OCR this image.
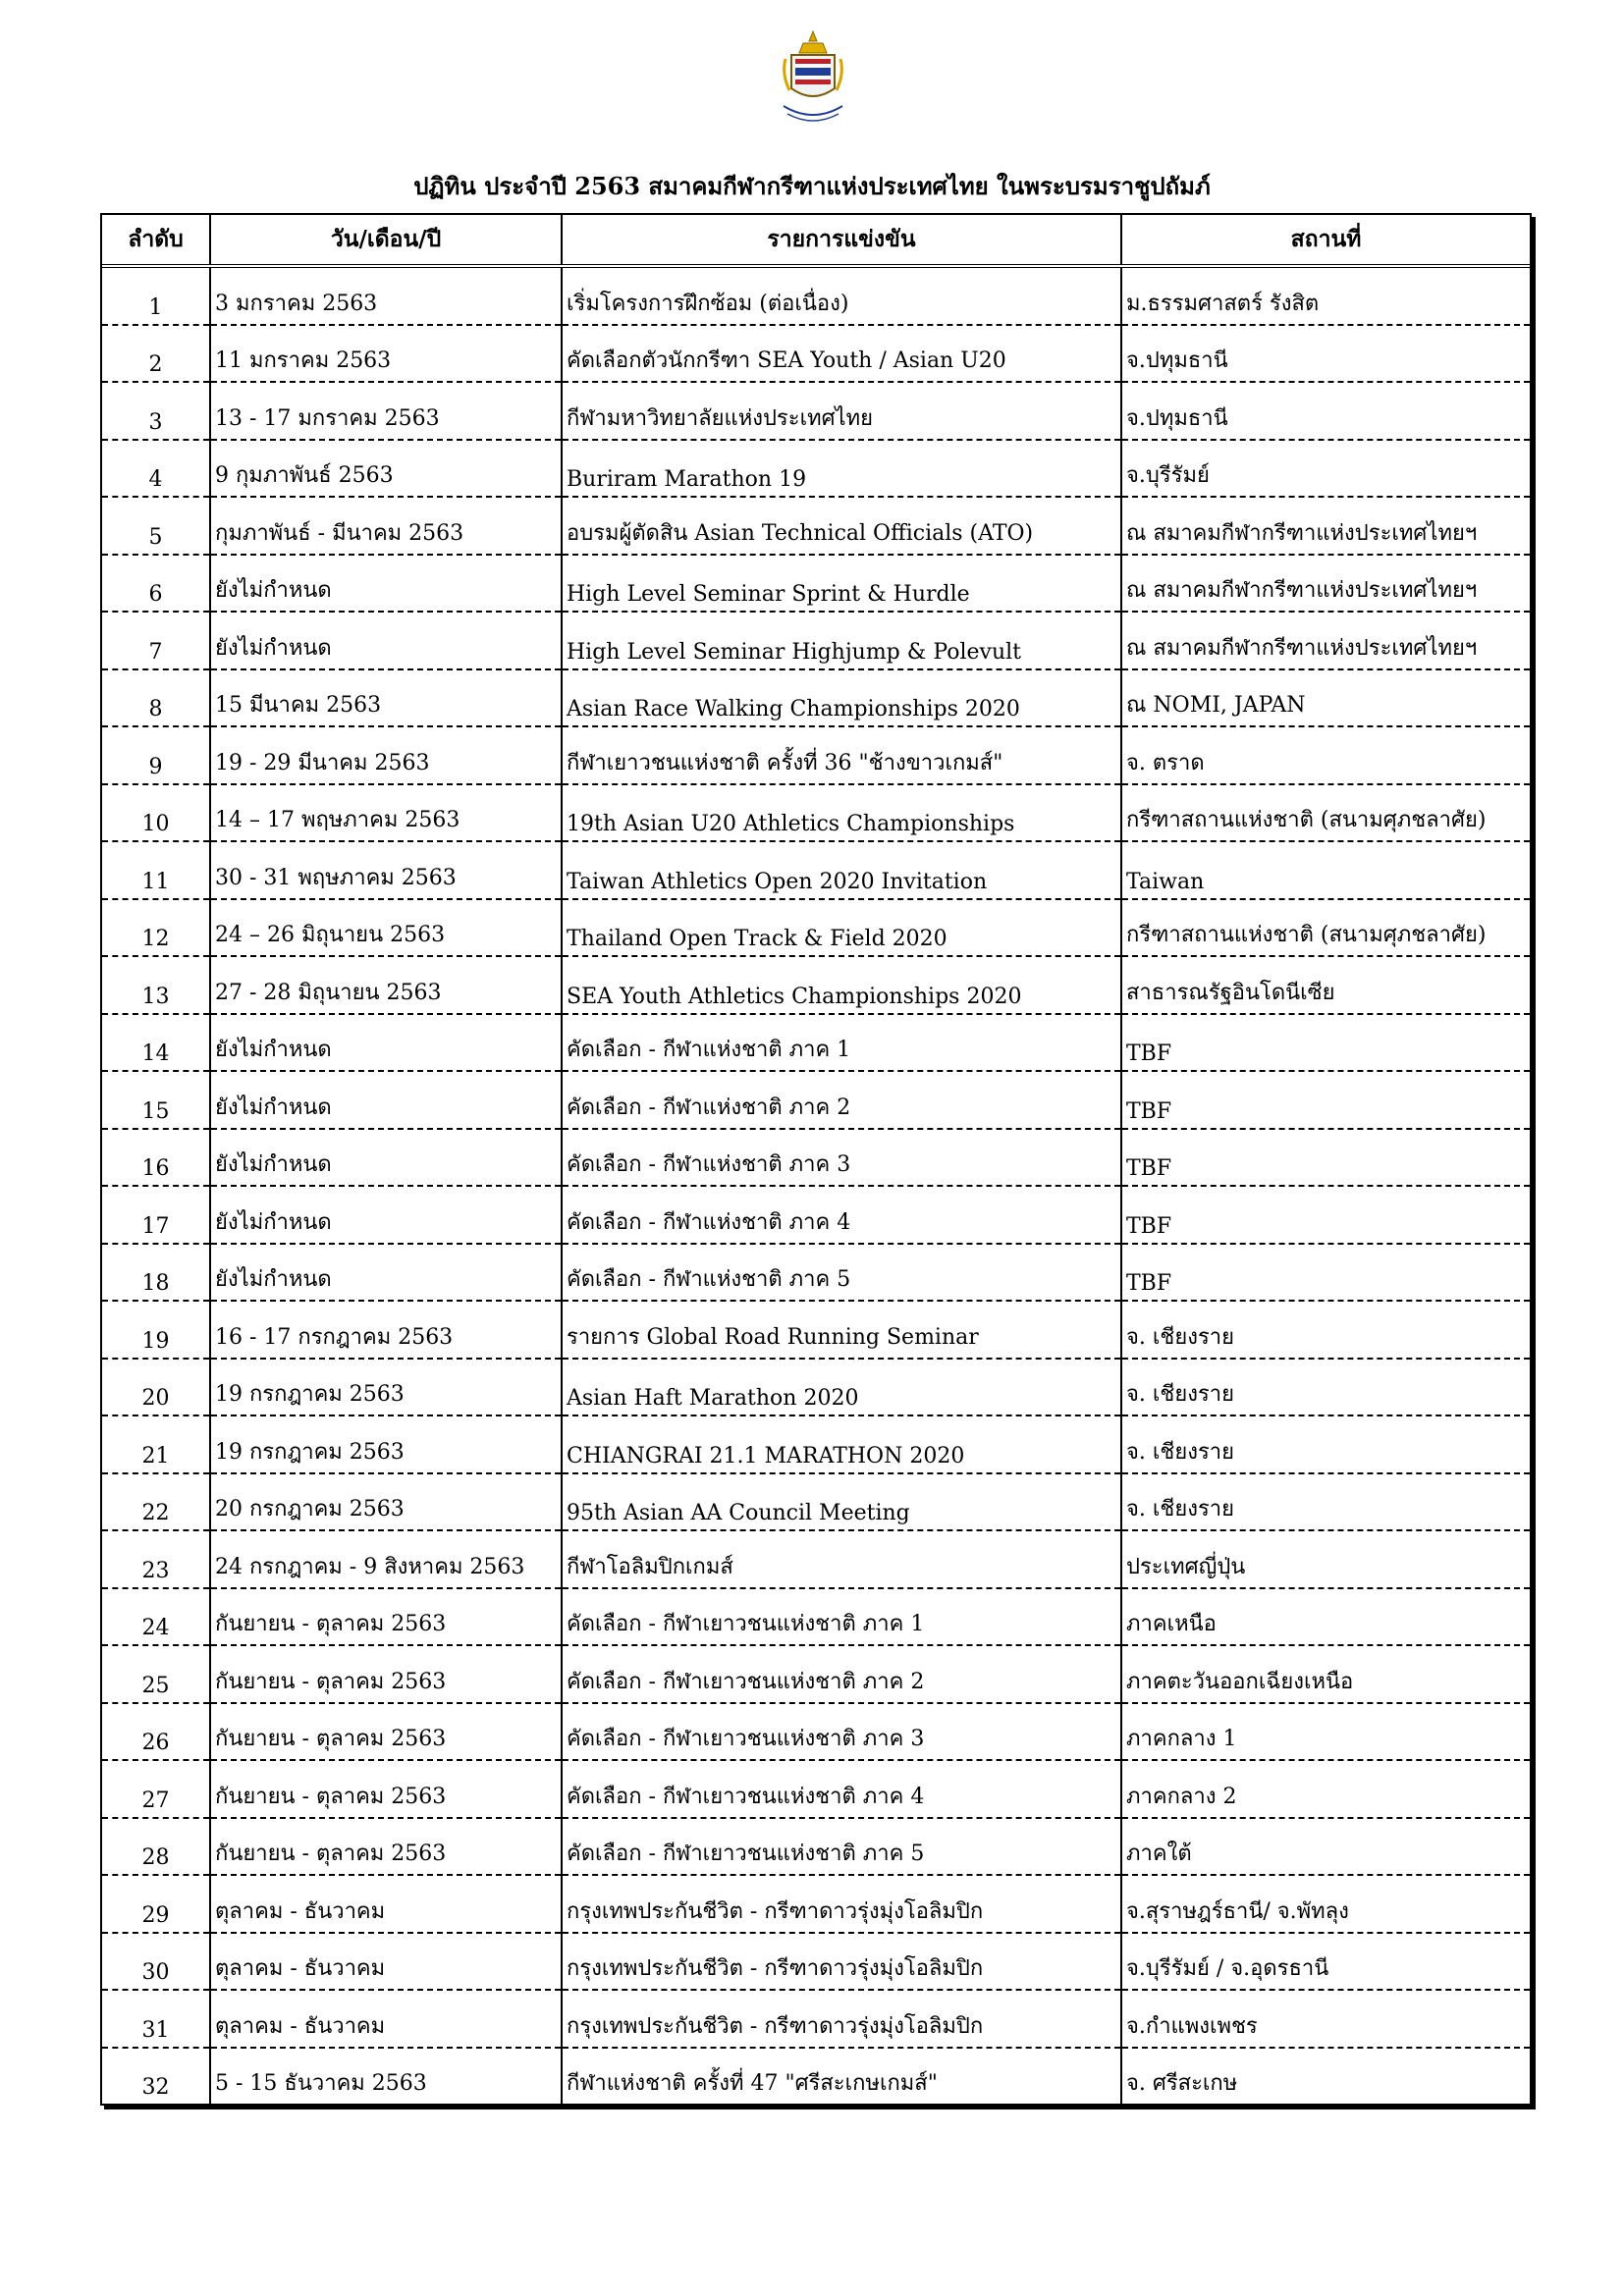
ปฏิทิน ประจำปี 2563 สมาคมกีฬากรีฑาแห่งประเทศไทย ในพระบรมราชูปถัมภ์
ลำดับ	วัน/เดือน/ปี	รายการแข่งขัน	สถานที่
1	3 มกราคม 2563	เริ่มโครงการฝึกซ้อม (ต่อเนื่อง)	ม.ธรรมศาสตร์ รังสิต
2	11 มกราคม 2563	คัดเลือกตัวนักกรีฑา SEA Youth / Asian U20	จ.ปทุมธานี
3	13 - 17 มกราคม 2563	กีฬามหาวิทยาลัยแห่งประเทศไทย	จ.ปทุมธานี
4	9 กุมภาพันธ์ 2563	Buriram Marathon 19	จ.บุรีรัมย์
5	กุมภาพันธ์ - มีนาคม 2563	อบรมผู้ตัดสิน Asian Technical Officials (ATO)	ณ สมาคมกีฬากรีฑาแห่งประเทศไทยฯ
6	ยังไม่กำหนด	High Level Seminar Sprint & Hurdle	ณ สมาคมกีฬากรีฑาแห่งประเทศไทยฯ
7	ยังไม่กำหนด	High Level Seminar Highjump & Polevult	ณ สมาคมกีฬากรีฑาแห่งประเทศไทยฯ
8	15 มีนาคม 2563	Asian Race Walking Championships 2020	ณ NOMI, JAPAN
9	19 - 29 มีนาคม 2563	กีฬาเยาวชนแห่งชาติ ครั้งที่ 36 "ช้างขาวเกมส์"	จ. ตราด
10	14 – 17 พฤษภาคม 2563	19th Asian U20 Athletics Championships	กรีฑาสถานแห่งชาติ (สนามศุภชลาศัย)
11	30 - 31 พฤษภาคม 2563	Taiwan Athletics Open 2020 Invitation	Taiwan
12	24 – 26 มิถุนายน 2563	Thailand Open Track & Field 2020	กรีฑาสถานแห่งชาติ (สนามศุภชลาศัย)
13	27 - 28 มิถุนายน 2563	SEA Youth Athletics Championships 2020	สาธารณรัฐอินโดนีเซีย
14	ยังไม่กำหนด	คัดเลือก - กีฬาแห่งชาติ ภาค 1	TBF
15	ยังไม่กำหนด	คัดเลือก - กีฬาแห่งชาติ ภาค 2	TBF
16	ยังไม่กำหนด	คัดเลือก - กีฬาแห่งชาติ ภาค 3	TBF
17	ยังไม่กำหนด	คัดเลือก - กีฬาแห่งชาติ ภาค 4	TBF
18	ยังไม่กำหนด	คัดเลือก - กีฬาแห่งชาติ ภาค 5	TBF
19	16 - 17 กรกฎาคม 2563	รายการ Global Road Running Seminar	จ. เชียงราย
20	19 กรกฎาคม 2563	Asian Haft Marathon 2020	จ. เชียงราย
21	19 กรกฎาคม 2563	CHIANGRAI 21.1 MARATHON 2020	จ. เชียงราย
22	20 กรกฎาคม 2563	95th Asian AA Council Meeting	จ. เชียงราย
23	24 กรกฎาคม - 9 สิงหาคม 2563	กีฬาโอลิมปิกเกมส์	ประเทศญี่ปุ่น
24	กันยายน - ตุลาคม 2563	คัดเลือก - กีฬาเยาวชนแห่งชาติ ภาค 1	ภาคเหนือ
25	กันยายน - ตุลาคม 2563	คัดเลือก - กีฬาเยาวชนแห่งชาติ ภาค 2	ภาคตะวันออกเฉียงเหนือ
26	กันยายน - ตุลาคม 2563	คัดเลือก - กีฬาเยาวชนแห่งชาติ ภาค 3	ภาคกลาง 1
27	กันยายน - ตุลาคม 2563	คัดเลือก - กีฬาเยาวชนแห่งชาติ ภาค 4	ภาคกลาง 2
28	กันยายน - ตุลาคม 2563	คัดเลือก - กีฬาเยาวชนแห่งชาติ ภาค 5	ภาคใต้
29	ตุลาคม - ธันวาคม	กรุงเทพประกันชีวิต - กรีฑาดาวรุ่งมุ่งโอลิมปิก	จ.สุราษฎร์ธานี/ จ.พัทลุง
30	ตุลาคม - ธันวาคม	กรุงเทพประกันชีวิต - กรีฑาดาวรุ่งมุ่งโอลิมปิก	จ.บุรีรัมย์ / จ.อุดรธานี
31	ตุลาคม - ธันวาคม	กรุงเทพประกันชีวิต - กรีฑาดาวรุ่งมุ่งโอลิมปิก	จ.กำแพงเพชร
32	5 - 15 ธันวาคม 2563	กีฬาแห่งชาติ ครั้งที่ 47 "ศรีสะเกษเกมส์"	จ. ศรีสะเกษ
